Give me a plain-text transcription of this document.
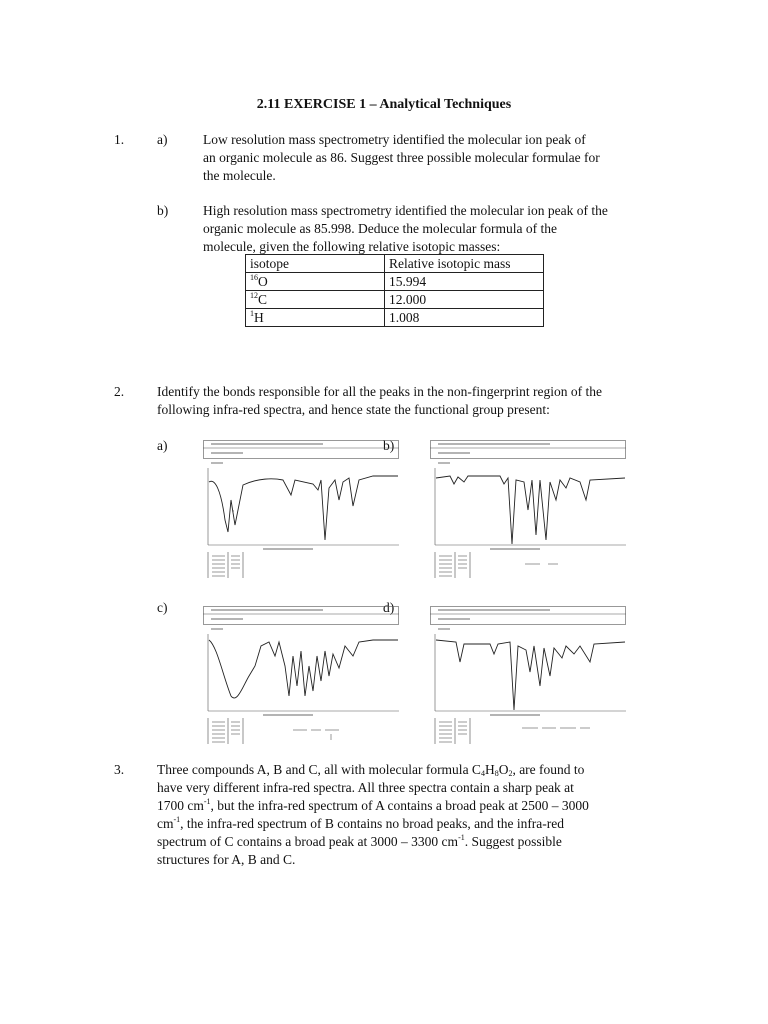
2.11 EXERCISE 1 – Analytical Techniques
1. a)	Low resolution mass spectrometry identified the molecular ion peak of
an organic molecule as 86. Suggest three possible molecular formulae for
the molecule.
b)	High resolution mass spectrometry identified the molecular ion peak of the
organic molecule as 85.998. Deduce the molecular formula of the
molecule, given the following relative isotopic masses:
isotope	Relative isotopic mass
$^{16}$O	15.994
$^{12}$C	12.000
$^1$H	1.008
2. Identify the bonds responsible for all the peaks in the non-fingerprint region of the
following infra-red spectra, and hence state the functional group present:
a)	b)
c)	d)
3. Three compounds A, B and C, all with molecular formula $C_4H_8O_2$, are found to
have very different infra-red spectra. All three spectra contain a sharp peak at
1700 $cm^{-1}$, but the infra-red spectrum of A contains a broad peak at 2500 – 3000
$cm^{-1}$, the infra-red spectrum of B contains no broad peaks, and the infra-red
spectrum of C contains a broad peak at 3000 – 3300 $cm^{-1}$. Suggest possible
structures for A, B and C.
